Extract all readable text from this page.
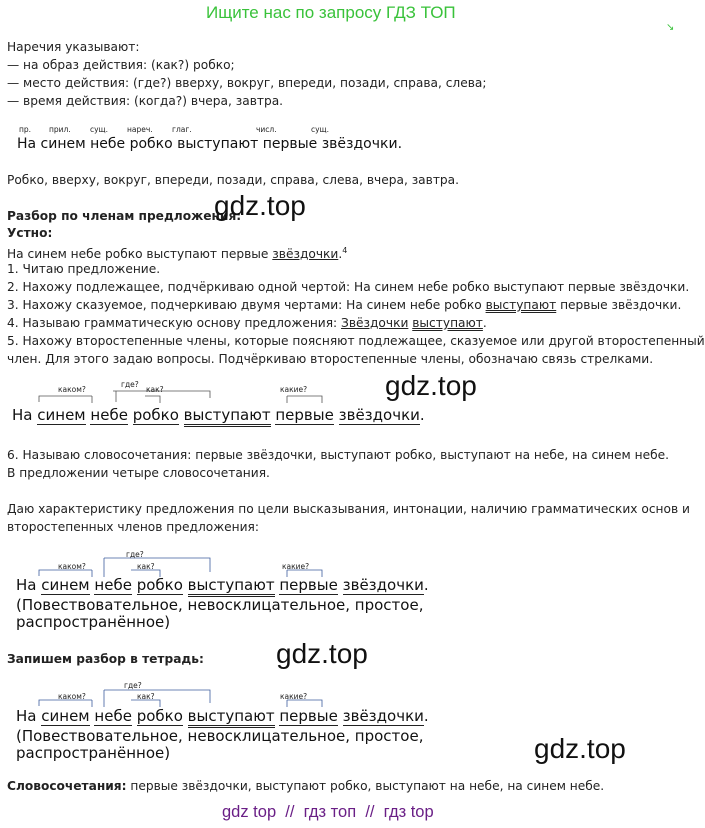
Ищите нас по запросу ГДЗ ТОП
↘
Наречия указывают:
— на образ действия: (как?) робко;
— место действия: (где?) вверху, вокруг, впереди, позади, справа, слева;
— время действия: (когда?) вчера, завтра.
пр. прил.	сущ.	нареч.	глаг.	числ.	сущ.
На синем небе робко выступают первые звёздочки.
Робко, вверху, вокруг, впереди, позади, справа, слева, вчера, завтра.
Разбор по членам предложения:
gdz.top
Устно:
На синем небе робко выступают первые звёздочки.$^4$
1. Читаю предложение.
2. Нахожу подлежащее, подчёркиваю одной чертой: На синем небе робко выступают первые звёздочки.
3. Нахожу сказуемое, подчеркиваю двумя чертами: На синем небе робко выступают первые звёздочки.
4. Называю грамматическую основу предложения: Звёздочки выступают.
5. Нахожу второстепенные члены, которые поясняют подлежащее, сказуемое или другой второстепенный
член. Для этого задаю вопросы. Подчёркиваю второстепенные члены, обозначаю связь стрелками.
каком?
где?
как?	какие?
На синем небе робко выступают первые звёздочки.
gdz.top
6. Называю словосочетания: первые звёздочки, выступают робко, выступают на небе, на синем небе.
В предложении четыре словосочетания.
Даю характеристику предложения по цели высказывания, интонации, наличию грамматических основ и
второстепенных членов предложения:
каком?
где?
как?	какие?
На синем небе робко выступают первые звёздочки.
(Повествовательное, невосклицательное, простое,
распространённое)
Запишем разбор в тетрадь:	gdz.top
каком?
где?
как?	какие?
На синем небе робко выступают первые звёздочки.
(Повествовательное, невосклицательное, простое,
распространённое)	gdz.top
Словосочетания: первые звёздочки, выступают робко, выступают на небе, на синем небе.
gdz top  //  гдз топ  //  гдз top
